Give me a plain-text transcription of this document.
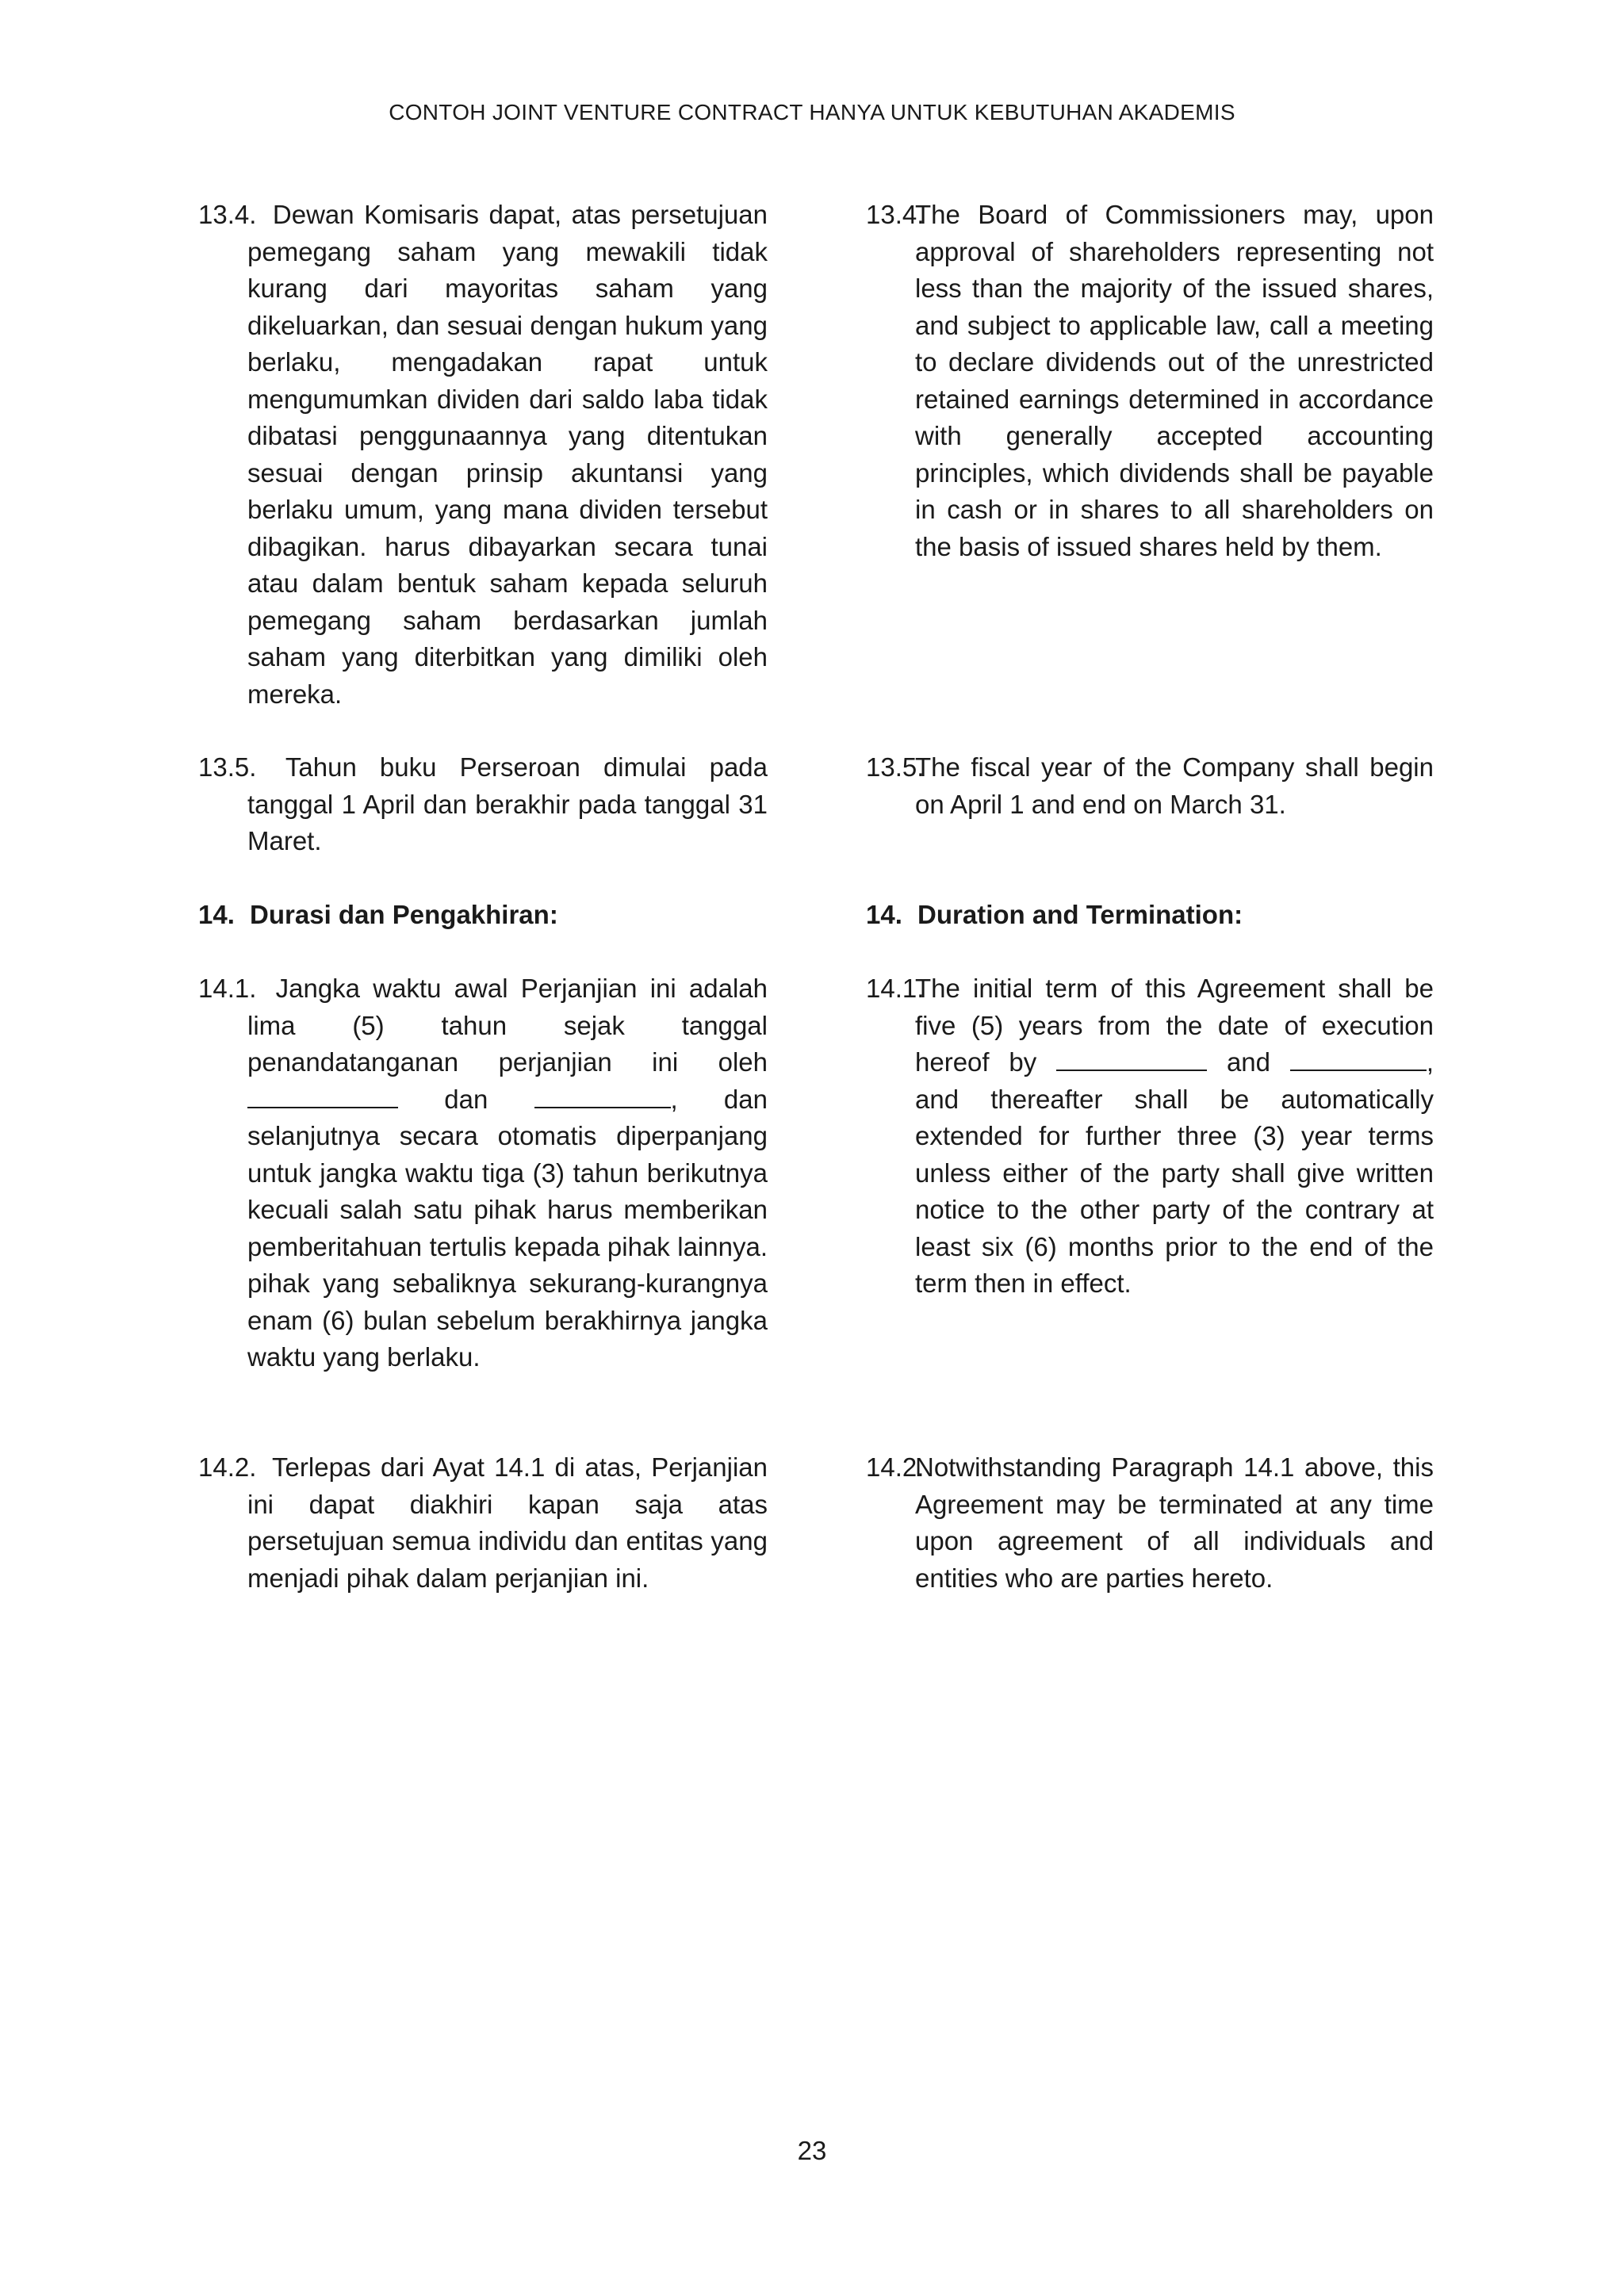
CONTOH JOINT VENTURE CONTRACT HANYA UNTUK KEBUTUHAN AKADEMIS
13.4. Dewan Komisaris dapat, atas persetujuan pemegang saham yang mewakili tidak kurang dari mayoritas saham yang dikeluarkan, dan sesuai dengan hukum yang berlaku, mengadakan rapat untuk mengumumkan dividen dari saldo laba tidak dibatasi penggunaannya yang ditentukan sesuai dengan prinsip akuntansi yang berlaku umum, yang mana dividen tersebut dibagikan. harus dibayarkan secara tunai atau dalam bentuk saham kepada seluruh pemegang saham berdasarkan jumlah saham yang diterbitkan yang dimiliki oleh mereka.
13.5. Tahun buku Perseroan dimulai pada tanggal 1 April dan berakhir pada tanggal 31 Maret.
14. Durasi dan Pengakhiran:
14.1. Jangka waktu awal Perjanjian ini adalah lima (5) tahun sejak tanggal penandatanganan perjanjian ini oleh  dan	, dan selanjutnya secara otomatis diperpanjang untuk jangka waktu tiga (3) tahun berikutnya kecuali salah satu pihak harus memberikan pemberitahuan tertulis kepada pihak lainnya. pihak yang sebaliknya sekurang-kurangnya enam (6) bulan sebelum berakhirnya jangka waktu yang berlaku.
14.2. Terlepas dari Ayat 14.1 di atas, Perjanjian ini dapat diakhiri kapan saja atas persetujuan semua individu dan entitas yang menjadi pihak dalam perjanjian ini.
13.4.The Board of Commissioners may, upon approval of shareholders representing not less than the majority of the issued shares, and subject to applicable law, call a meeting to declare dividends out of the unrestricted retained earnings determined in accordance with generally accepted accounting principles, which dividends shall be payable in cash or in shares to all shareholders on the basis of issued shares held by them.
13.5.The fiscal year of the Company shall begin on April 1 and end on March 31.
14. Duration and Termination:
14.1.The initial term of this Agreement shall be five (5) years from the date of execution hereof by	and	, and thereafter shall be automatically extended for further three (3) year terms unless either of the party shall give written notice to the other party of the contrary at least six (6) months prior to the end of the term then in effect.
14.2.Notwithstanding Paragraph 14.1 above, this Agreement may be terminated at any time upon agreement of all individuals and entities who are parties hereto.
23
